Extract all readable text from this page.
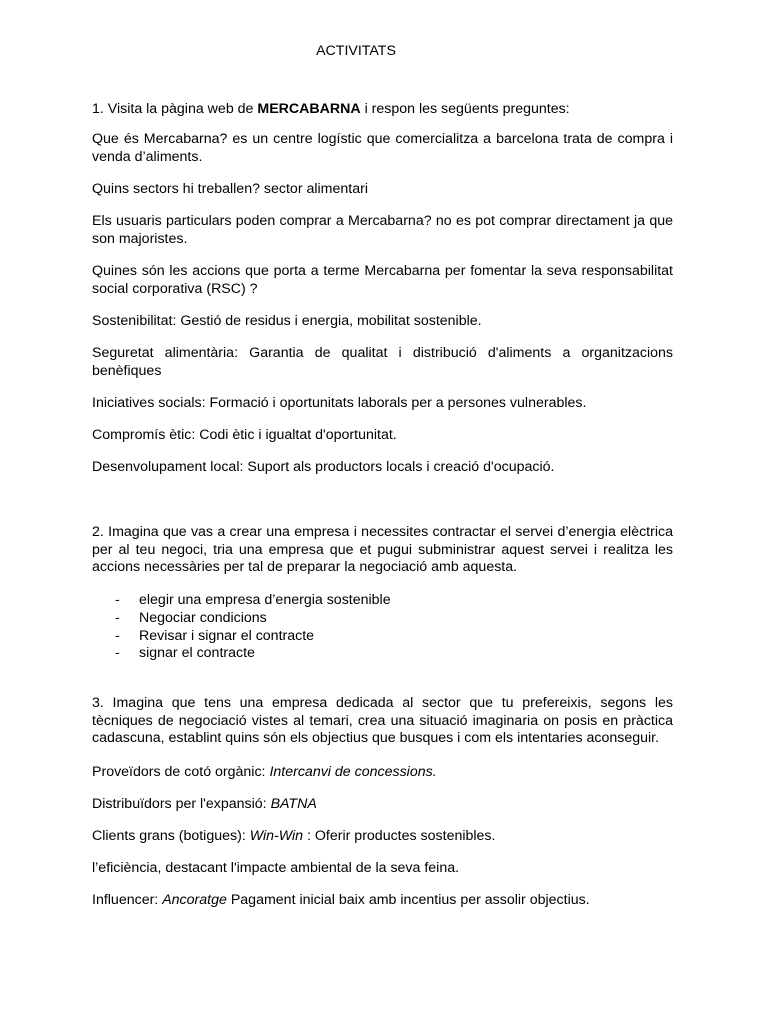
ACTIVITATS

1. Visita la pàgina web de MERCABARNA i respon les següents preguntes:

Que és Mercabarna? es un centre logístic que comercialitza a barcelona trata de compra i venda d’aliments.

Quins sectors hi treballen? sector alimentari

Els usuaris particulars poden comprar a Mercabarna? no es pot comprar directament ja que son majoristes.

Quines són les accions que porta a terme Mercabarna per fomentar la seva responsabilitat social corporativa (RSC) ?

Sostenibilitat: Gestió de residus i energia, mobilitat sostenible.

Seguretat alimentària: Garantia de qualitat i distribució d'aliments a organitzacions benèfiques

Iniciatives socials: Formació i oportunitats laborals per a persones vulnerables.

Compromís ètic: Codi ètic i igualtat d'oportunitat.

Desenvolupament local: Suport als productors locals i creació d'ocupació.

2. Imagina que vas a crear una empresa i necessites contractar el servei d’energia elèctrica per al teu negoci, tria una empresa que et pugui subministrar aquest servei i realitza les accions necessàries per tal de preparar la negociació amb aquesta.

- elegir una empresa d’energia sostenible
- Negociar condicions
- Revisar i signar el contracte
- signar el contracte

3. Imagina que tens una empresa dedicada al sector que tu prefereixis, segons les tècniques de negociació vistes al temari, crea una situació imaginaria on posis en pràctica cadascuna, establint quins són els objectius que busques i com els intentaries aconseguir.

Proveïdors de cotó orgànic: Intercanvi de concessions.

Distribuïdors per l'expansió: BATNA

Clients grans (botigues): Win-Win : Oferir productes sostenibles.

l’eficiència, destacant l'impacte ambiental de la seva feina.

Influencer: Ancoratge Pagament inicial baix amb incentius per assolir objectius.
